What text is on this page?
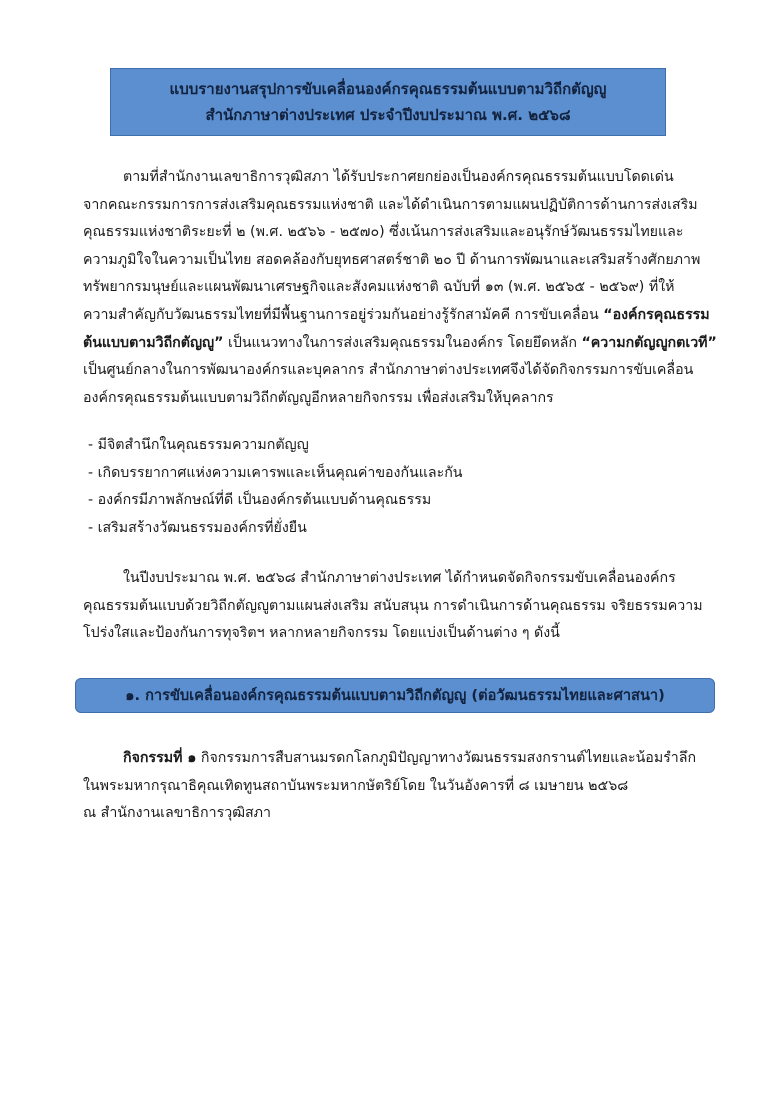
แบบรายงานสรุปการขับเคลื่อนองค์กรคุณธรรมต้นแบบตามวิถีกตัญญู
สำนักภาษาต่างประเทศ ประจำปีงบประมาณ พ.ศ. ๒๕๖๘
ตามที่สำนักงานเลขาธิการวุฒิสภา ได้รับประกาศยกย่องเป็นองค์กรคุณธรรมต้นแบบโดดเด่น
จากคณะกรรมการการส่งเสริมคุณธรรมแห่งชาติ และได้ดำเนินการตามแผนปฏิบัติการด้านการส่งเสริม
คุณธรรมแห่งชาติระยะที่ ๒ (พ.ศ. ๒๕๖๖ - ๒๕๗๐) ซึ่งเน้นการส่งเสริมและอนุรักษ์วัฒนธรรมไทยและ
ความภูมิใจในความเป็นไทย สอดคล้องกับยุทธศาสตร์ชาติ ๒๐ ปี ด้านการพัฒนาและเสริมสร้างศักยภาพ
ทรัพยากรมนุษย์และแผนพัฒนาเศรษฐกิจและสังคมแห่งชาติ ฉบับที่ ๑๓ (พ.ศ. ๒๕๖๕ - ๒๕๖๙) ที่ให้
ความสำคัญกับวัฒนธรรมไทยที่มีพื้นฐานการอยู่ร่วมกันอย่างรู้รักสามัคคี การขับเคลื่อน “องค์กรคุณธรรม
ต้นแบบตามวิถีกตัญญู” เป็นแนวทางในการส่งเสริมคุณธรรมในองค์กร โดยยึดหลัก “ความกตัญญูกตเวที”
เป็นศูนย์กลางในการพัฒนาองค์กรและบุคลากร สำนักภาษาต่างประเทศจึงได้จัดกิจกรรมการขับเคลื่อน
องค์กรคุณธรรมต้นแบบตามวิถีกตัญญูอีกหลายกิจกรรม เพื่อส่งเสริมให้บุคลากร
- มีจิตสำนึกในคุณธรรมความกตัญญู
- เกิดบรรยากาศแห่งความเคารพและเห็นคุณค่าของกันและกัน
- องค์กรมีภาพลักษณ์ที่ดี เป็นองค์กรต้นแบบด้านคุณธรรม
- เสริมสร้างวัฒนธรรมองค์กรที่ยั่งยืน
ในปีงบประมาณ พ.ศ. ๒๕๖๘ สำนักภาษาต่างประเทศ ได้กำหนดจัดกิจกรรมขับเคลื่อนองค์กร
คุณธรรมต้นแบบด้วยวิถีกตัญญูตามแผนส่งเสริม สนับสนุน การดำเนินการด้านคุณธรรม จริยธรรมความ
โปร่งใสและป้องกันการทุจริตฯ หลากหลายกิจกรรม โดยแบ่งเป็นด้านต่าง ๆ ดังนี้
๑. การขับเคลื่อนองค์กรคุณธรรมต้นแบบตามวิถีกตัญญู (ต่อวัฒนธรรมไทยและศาสนา)
กิจกรรมที่ ๑ กิจกรรมการสืบสานมรดกโลกภูมิปัญญาทางวัฒนธรรมสงกรานต์ไทยและน้อมรำลึก
ในพระมหากรุณาธิคุณเทิดทูนสถาบันพระมหากษัตริย์โดย ในวันอังคารที่ ๘ เมษายน ๒๕๖๘
ณ สำนักงานเลขาธิการวุฒิสภา
